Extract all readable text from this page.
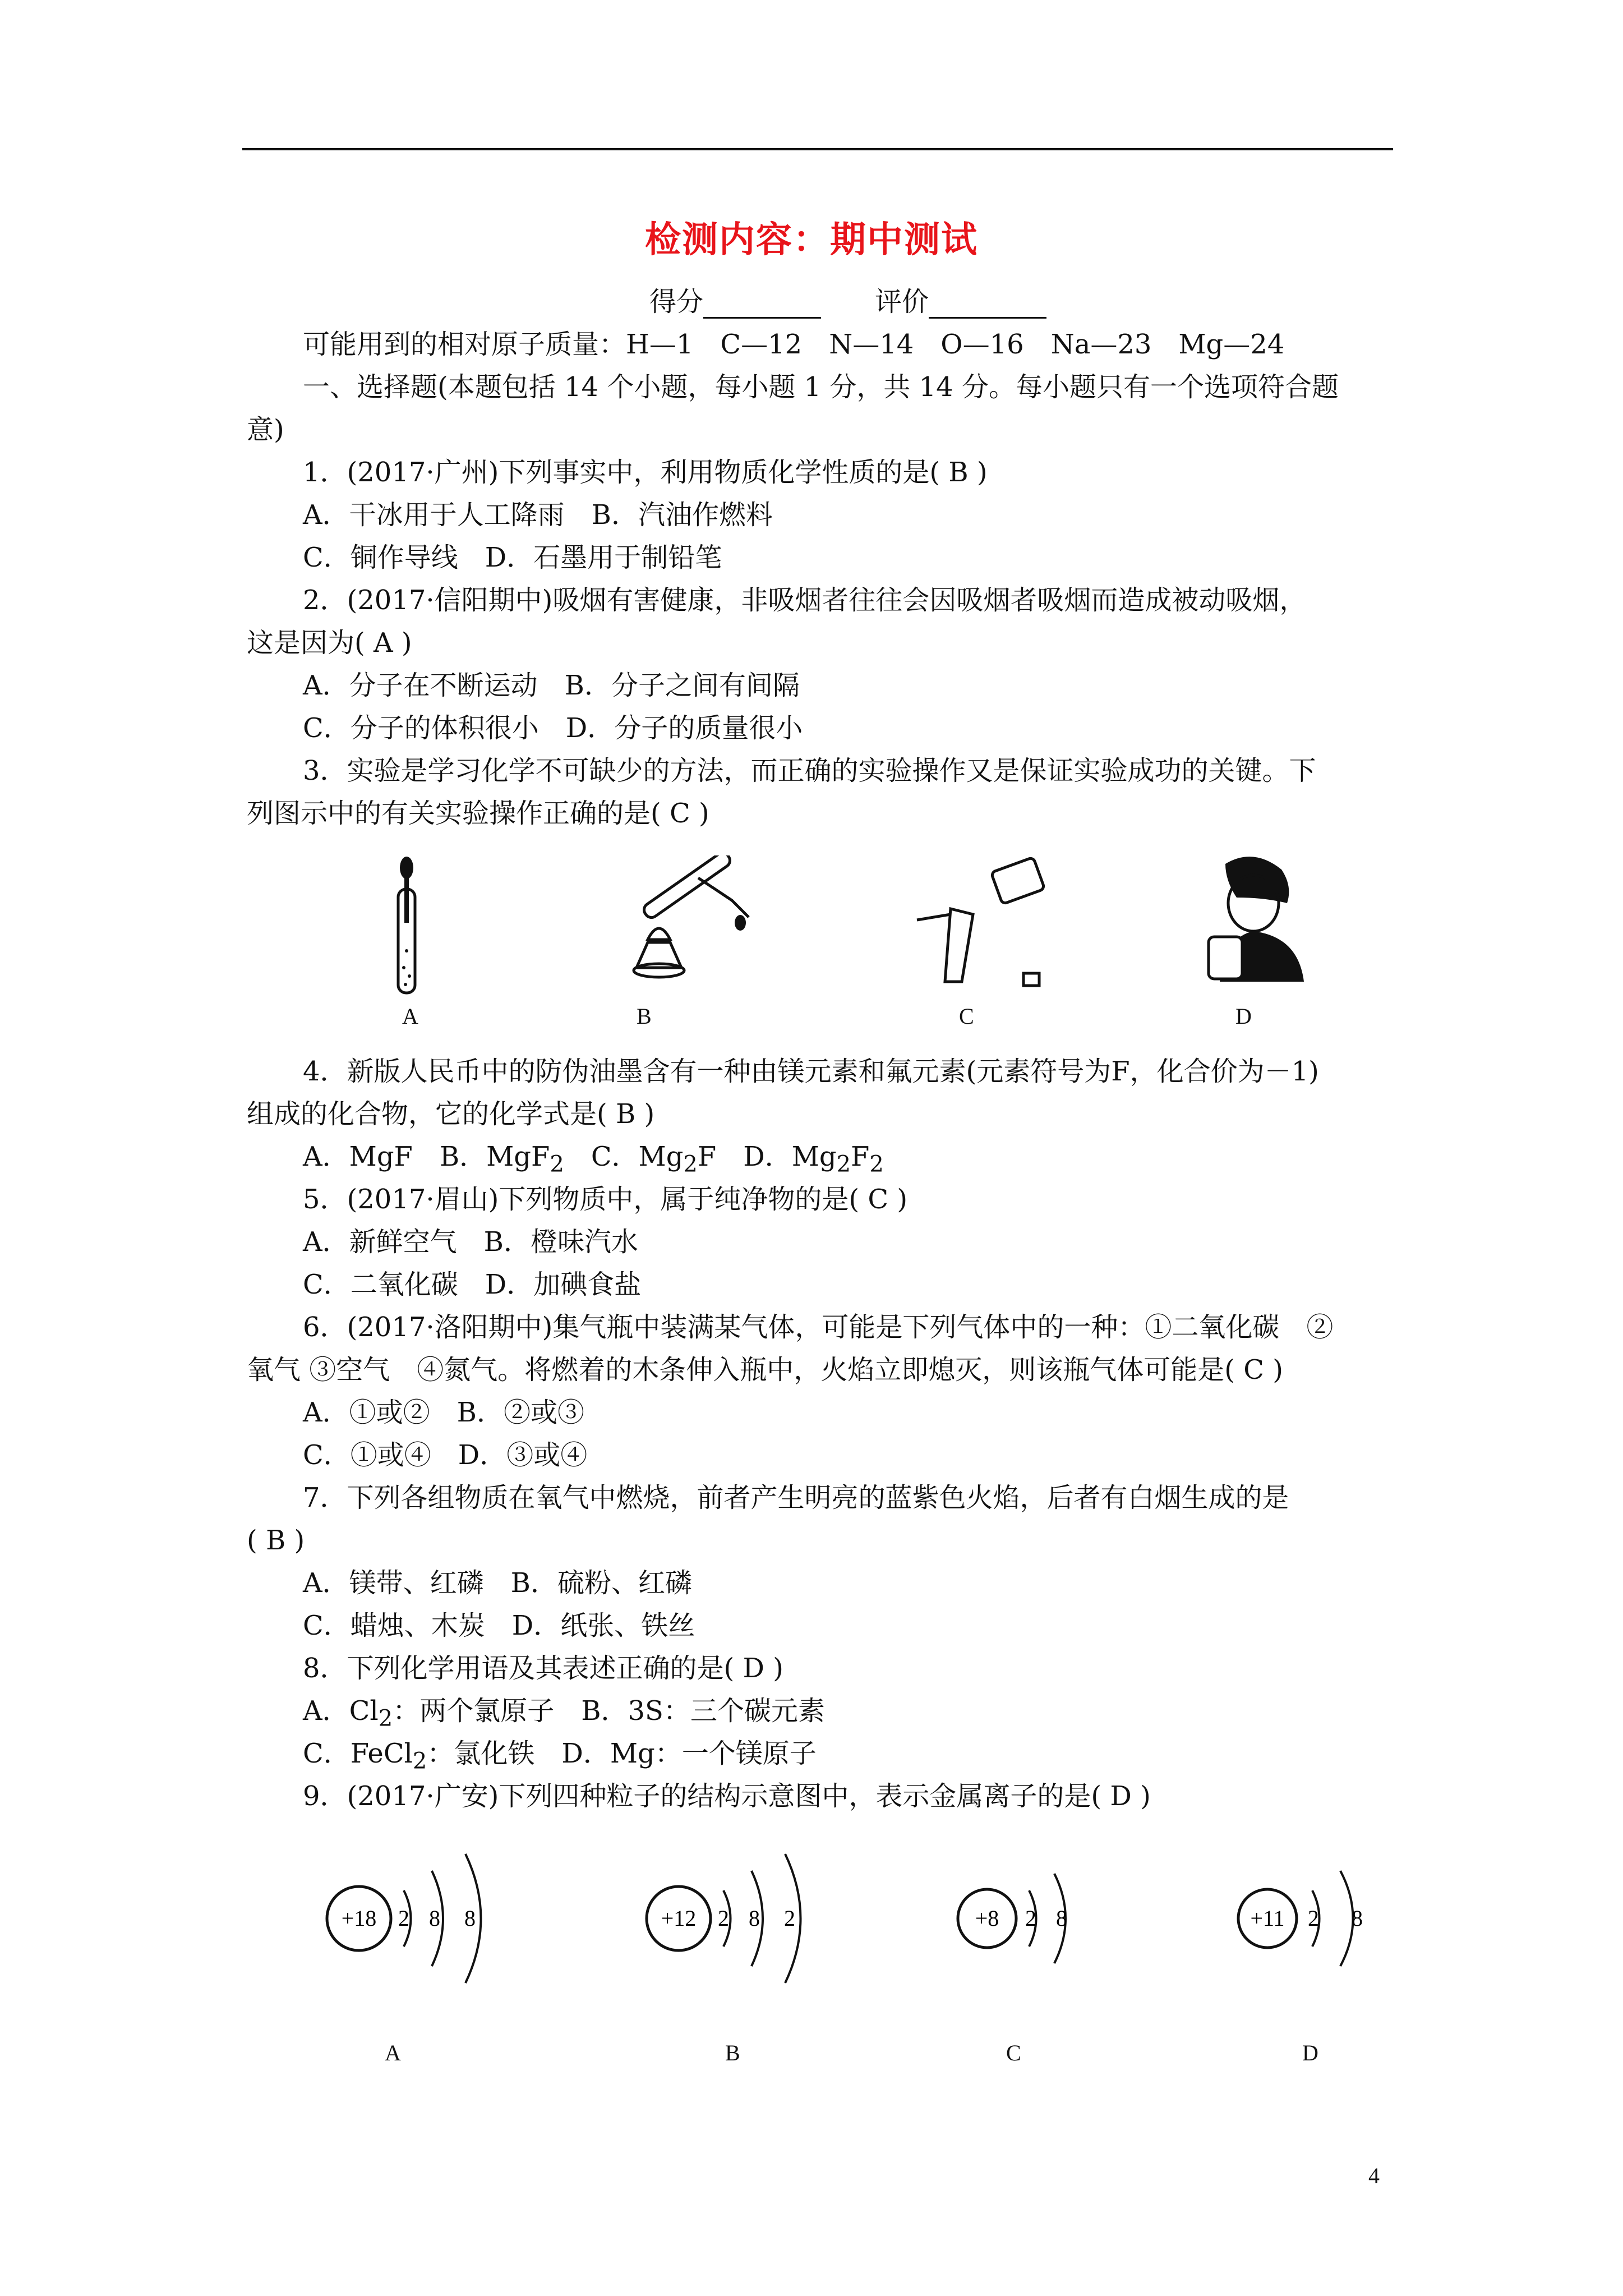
检测内容：期中测试
得分　　	评价
可能用到的相对原子质量：H—1　C—12　N—14　O—16　Na—23　Mg—24
一、选择题(本题包括 14 个小题，每小题 1 分，共 14 分。每小题只有一个选项符合题
意)
1．(2017·广州)下列事实中，利用物质化学性质的是( B )
A．干冰用于人工降雨　B．汽油作燃料
C．铜作导线　D．石墨用于制铅笔
2．(2017·信阳期中)吸烟有害健康，非吸烟者往往会因吸烟者吸烟而造成被动吸烟，
这是因为( A )
A．分子在不断运动　B．分子之间有间隔
C．分子的体积很小　D．分子的质量很小
3．实验是学习化学不可缺少的方法，而正确的实验操作又是保证实验成功的关键。下
列图示中的有关实验操作正确的是( C )
A	B	C	D
4．新版人民币中的防伪油墨含有一种由镁元素和氟元素(元素符号为F，化合价为－1)
组成的化合物，它的化学式是( B )
A．MgF　 B．MgF$_2$　 C．$Mg_2F$　 D．$Mg_2F_2$
5．(2017·眉山)下列物质中，属于纯净物的是( C )
A．新鲜空气　B．橙味汽水
C．二氧化碳　D．加碘食盐
6．(2017·洛阳期中)集气瓶中装满某气体，可能是下列气体中的一种：①二氧化碳　②
氧气 ③空气　④氮气。将燃着的木条伸入瓶中，火焰立即熄灭，则该瓶气体可能是( C )
A．①或②　B．②或③
C．①或④　D．③或④
7．下列各组物质在氧气中燃烧，前者产生明亮的蓝紫色火焰，后者有白烟生成的是
( B )
A．镁带、红磷　B．硫粉、红磷
C．蜡烛、木炭　D．纸张、铁丝
8．下列化学用语及其表述正确的是( D )
A．$Cl_2$：两个氯原子　B．3S：三个碳元素
C．FeCl$_2$：氯化铁　D．Mg：一个镁原子
9．(2017·广安)下列四种粒子的结构示意图中，表示金属离子的是( D )
+18 2 8 8	+12 2 8 2	+8 2 8	+11 2 8
A	B	C	D
4
